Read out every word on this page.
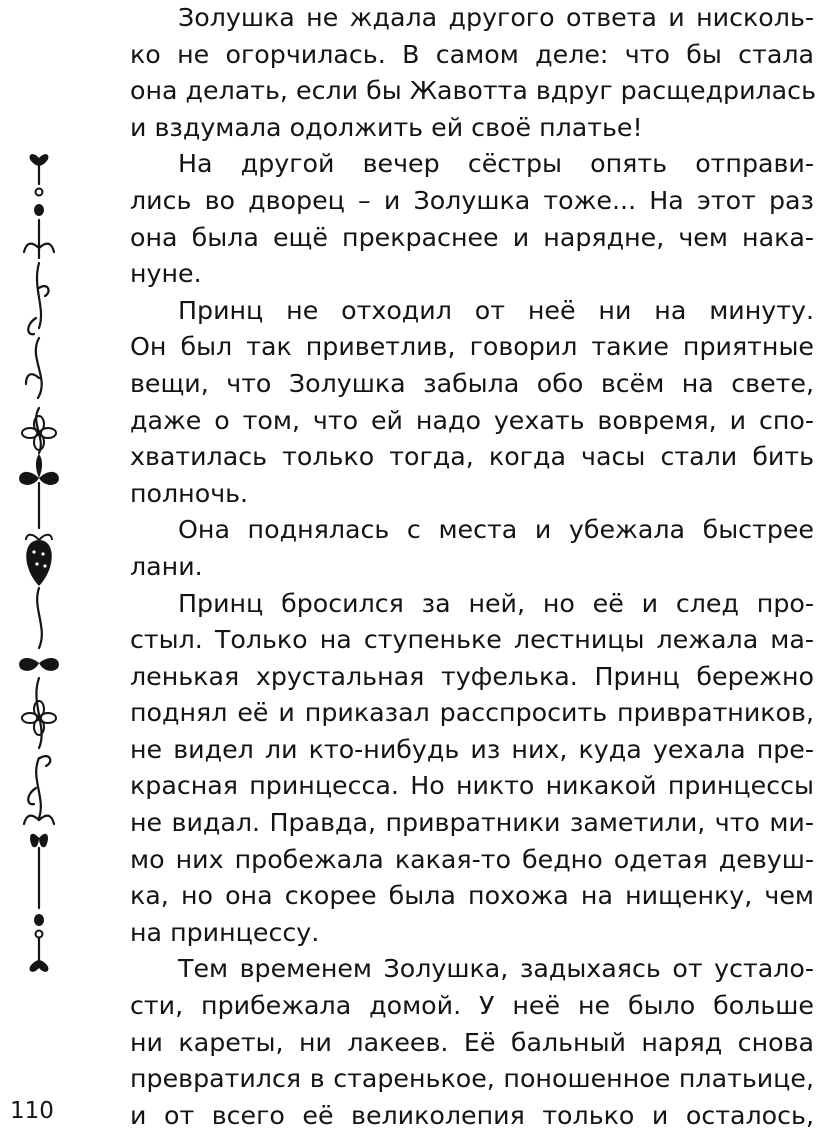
Золушка не ждала другого ответа и нисколь-
ко не огорчилась. В самом деле: что бы стала
она делать, если бы Жавотта вдруг расщедрилась
и вздумала одолжить ей своё платье!
На другой вечер сёстры опять отправи-
лись во дворец – и Золушка тоже... На этот раз
она была ещё прекраснее и нарядне, чем нака-
нуне.
Принц не отходил от неё ни на минуту.
Он был так приветлив, говорил такие приятные
вещи, что Золушка забыла обо всём на свете,
даже о том, что ей надо уехать вовремя, и спо-
хватилась только тогда, когда часы стали бить
полночь.
Она поднялась с места и убежала быстрее
лани.
Принц бросился за ней, но её и след про-
стыл. Только на ступеньке лестницы лежала ма-
ленькая хрустальная туфелька. Принц бережно
поднял её и приказал расспросить привратников,
не видел ли кто-нибудь из них, куда уехала пре-
красная принцесса. Но никто никакой принцессы
не видал. Правда, привратники заметили, что ми-
мо них пробежала какая-то бедно одетая девуш-
ка, но она скорее была похожа на нищенку, чем
на принцессу.
Тем временем Золушка, задыхаясь от устало-
сти, прибежала домой. У неё не было больше
ни кареты, ни лакеев. Её бальный наряд снова
превратился в старенькое, поношенное платьице,
и от всего её великолепия только и осталось,
110
